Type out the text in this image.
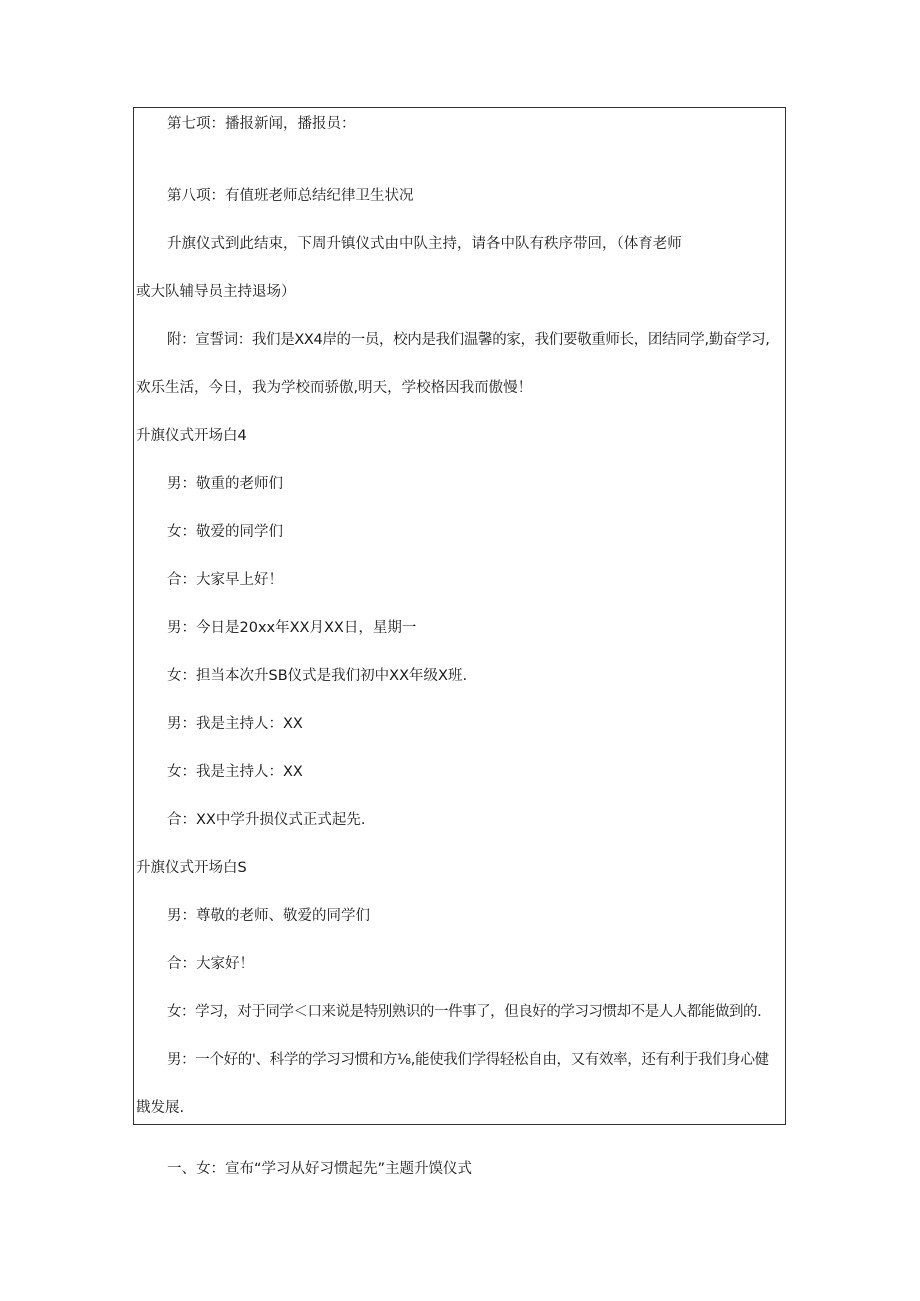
第七项：播报新闻，播报员：
第八项：有值班老师总结纪律卫生状况
升旗仪式到此结束，下周升镇仪式由中队主持，请各中队有秩序带回，（体育老师
或大队辅导员主持退场）
附：宣誓词：我们是XX4岸的一员，校内是我们温馨的家，我们要敬重师长，团结同学,勤奋学习,
欢乐生活，今日，我为学校而骄傲,明天，学校格因我而傲慢！
升旗仪式开场白4
男：敬重的老师们
女：敬爱的同学们
合：大家早上好！
男：今日是20xx年XX月XX日，星期一
女：担当本次升SB仪式是我们初中XX年级X班.
男：我是主持人：XX
女：我是主持人：XX
合：XX中学升损仪式正式起先.
升旗仪式开场白S
男：尊敬的老师、敬爱的同学们
合：大家好！
女：学习，对于同学＜口来说是特别熟识的一件事了，但良好的学习习惯却不是人人都能做到的.
男：一个好的'、科学的学习习惯和方⅛,能使我们学得轻松自由，又有效率，还有利于我们身心健
戡发展.
一、女：宣布“学习从好习惯起先”主题升馍仪式
